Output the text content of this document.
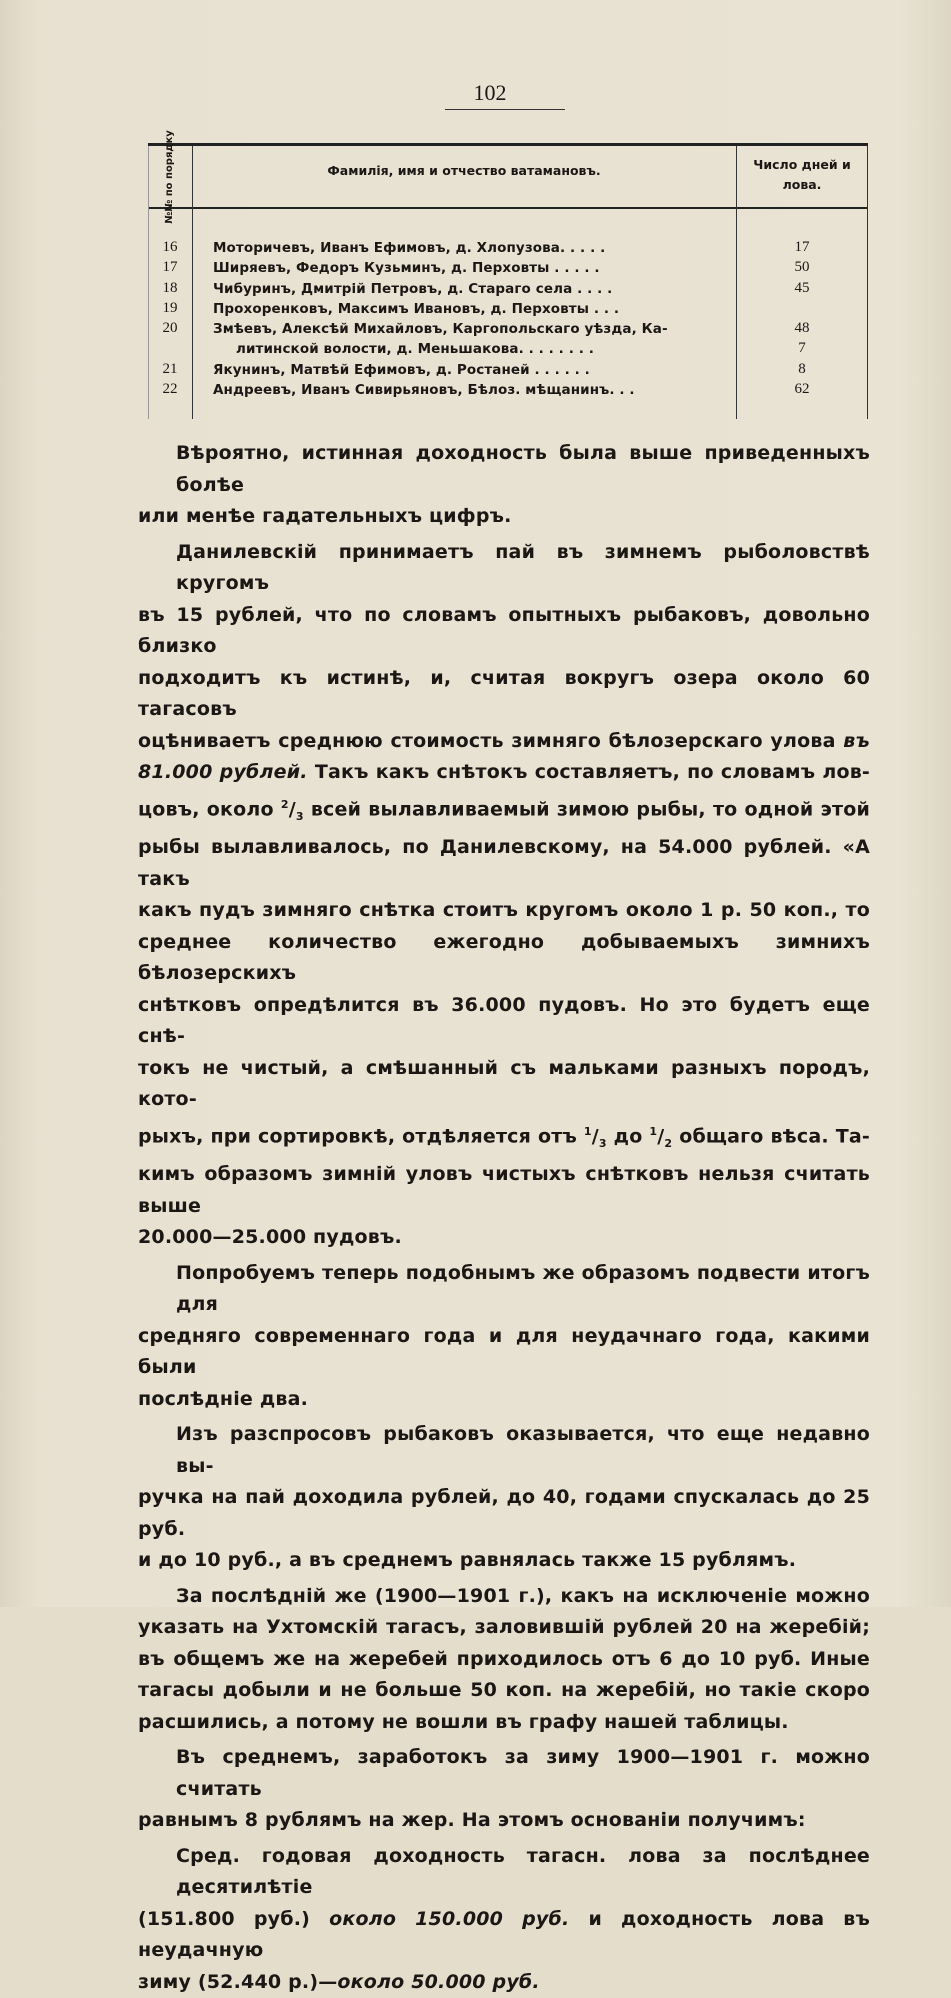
102
№№ по порядку	Фамилія, имя и отчество ватамановъ.	Число дней и лова.
16	Моторичевъ, Иванъ Ефимовъ, д. Хлопузова. . . . .	17
17	Ширяевъ, Федоръ Кузьминъ, д. Перховты . . . . .	50
18	Чибуринъ, Дмитрій Петровъ, д. Стараго села . . . .	45
19	Прохоренковъ, Максимъ Ивановъ, д. Перховты . . .
20	Змѣевъ, Алексѣй Михайловъ, Каргопольскаго уѣзда, Ка-	48
литинской волости, д. Меньшакова. . . . . . . .	7
21	Якунинъ, Матвѣй Ефимовъ, д. Ростаней . . . . . .	8
22	Андреевъ, Иванъ Сивирьяновъ, Бѣлоз. мѣщанинъ. . .	62
Вѣроятно, истинная доходность была выше приведенныхъ болѣе
или менѣе гадательныхъ цифръ.
Данилевскій принимаетъ пай въ зимнемъ рыболовствѣ кругомъ
въ 15 рублей, что по словамъ опытныхъ рыбаковъ, довольно близко
подходитъ къ истинѣ, и, считая вокругъ озера около 60 тагасовъ
оцѣниваетъ среднюю стоимость зимняго бѣлозерскаго улова въ
81.000 рублей. Такъ какъ снѣтокъ составляетъ, по словамъ лов-
цовъ, около $^2/_3$ всей вылавливаемый зимою рыбы, то одной этой
рыбы вылавливалось, по Данилевскому, на 54.000 рублей. «А такъ
какъ пудъ зимняго снѣтка стоитъ кругомъ около 1 р. 50 коп., то
среднее количество ежегодно добываемыхъ зимнихъ бѣлозерскихъ
снѣтковъ опредѣлится въ 36.000 пудовъ. Но это будетъ еще снѣ-
токъ не чистый, а смѣшанный съ мальками разныхъ породъ, кото-
рыхъ, при сортировкѣ, отдѣляется отъ $^1/_3$ до $^1/_2$ общаго вѣса. Та-
кимъ образомъ зимній уловъ чистыхъ снѣтковъ нельзя считать выше
20.000—25.000 пудовъ.
Попробуемъ теперь подобнымъ же образомъ подвести итогъ для
средняго современнаго года и для неудачнаго года, какими были
послѣдніе два.
Изъ разспросовъ рыбаковъ оказывается, что еще недавно вы-
ручка на пай доходила рублей, до 40, годами спускалась до 25 руб.
и до 10 руб., а въ среднемъ равнялась также 15 рублямъ.
За послѣдній же (1900—1901 г.), какъ на исключеніе можно
указать на Ухтомскій тагасъ, заловившій рублей 20 на жеребій;
въ общемъ же на жеребей приходилось отъ 6 до 10 руб. Иные
тагасы добыли и не больше 50 коп. на жеребій, но такіе скоро
расшились, а потому не вошли въ графу нашей таблицы.
Въ среднемъ, заработокъ за зиму 1900—1901 г. можно считать
равнымъ 8 рублямъ на жер. На этомъ основаніи получимъ:
Сред. годовая доходность тагасн. лова за послѣднее десятилѣтіе
(151.800 руб.) около 150.000 руб. и доходность лова въ неудачную
зиму (52.440 р.)—около 50.000 руб.
